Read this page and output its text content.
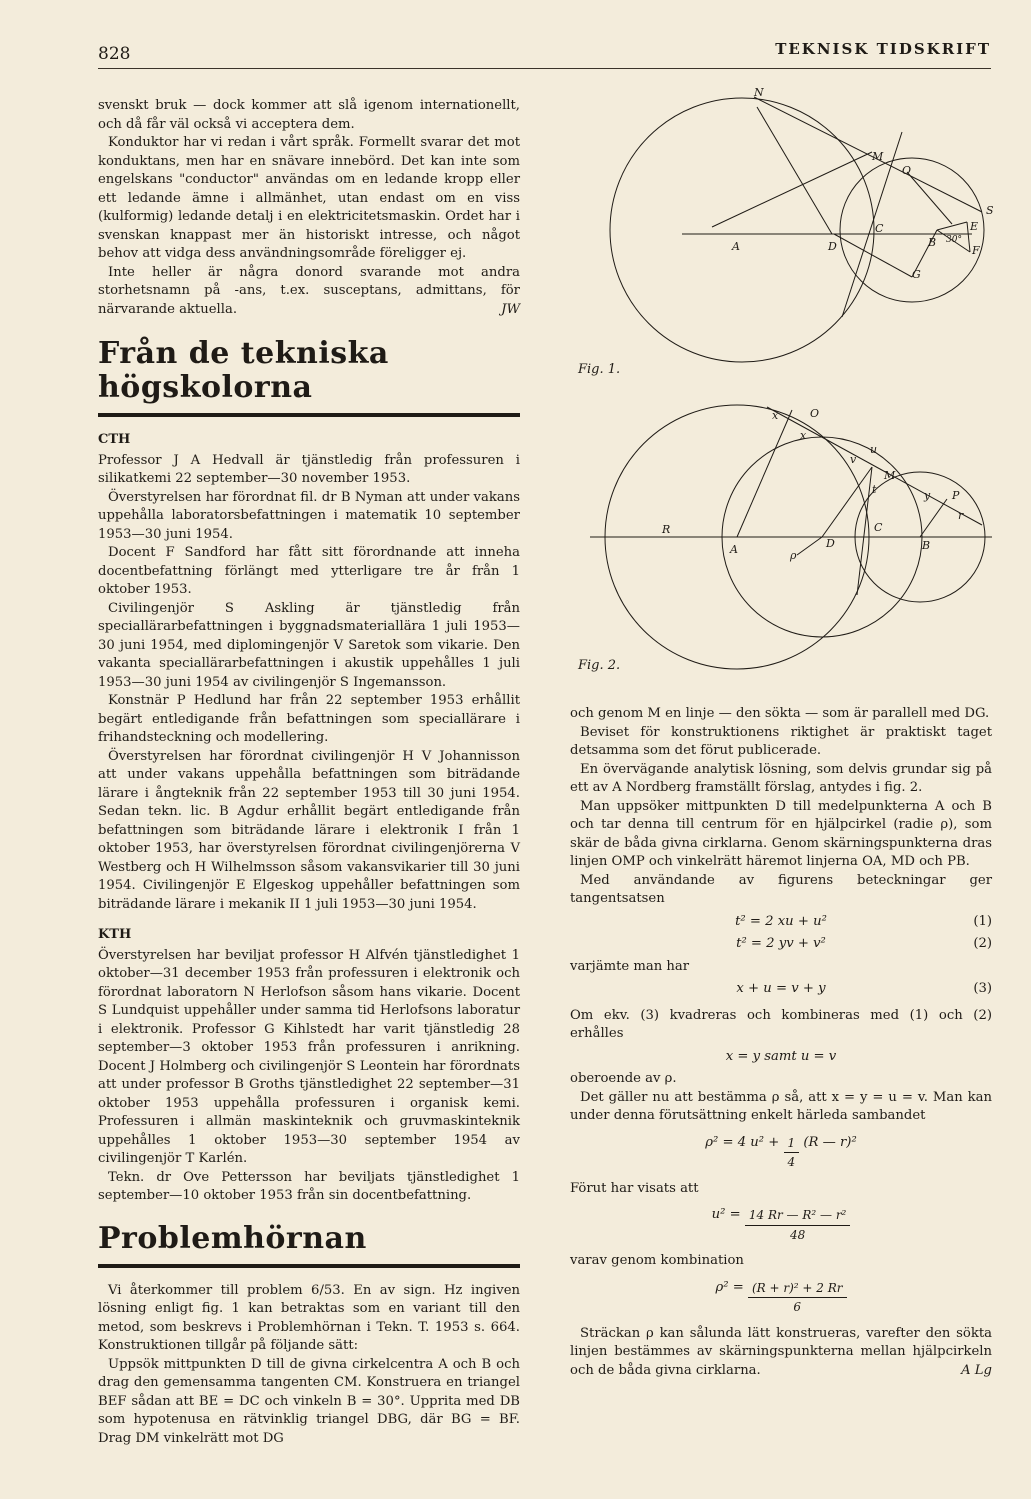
828	TEKNISK TIDSKRIFT

svenskt bruk — dock kommer att slå igenom internationellt, och då får väl också vi acceptera dem.

Konduktor har vi redan i vårt språk. Formellt svarar det mot konduktans, men har en snävare innebörd. Det kan inte som engelskans "conductor" användas om en ledande kropp eller ett ledande ämne i allmänhet, utan endast om en viss (kulformig) ledande detalj i en elektricitetsmaskin. Ordet har i svenskan knappast mer än historiskt intresse, och något behov att vidga dess användningsområde föreligger ej.

Inte heller är några donord svarande mot andra storhetsnamn på -ans, t.ex. susceptans, admittans, för närvarande aktuella.	JW

Från de tekniska högskolorna
CTH

Professor J A Hedvall är tjänstledig från professuren i silikatkemi 22 september—30 november 1953.

Överstyrelsen har förordnat fil. dr B Nyman att under vakans uppehålla laboratorsbefattningen i matematik 10 september 1953—30 juni 1954.

Docent F Sandford har fått sitt förordnande att inneha docentbefattning förlängt med ytterligare tre år från 1 oktober 1953.

Civilingenjör S Askling är tjänstledig från speciallärarbefattningen i byggnadsmateriallära 1 juli 1953—30 juni 1954, med diplomingenjör V Saretok som vikarie. Den vakanta speciallärarbefattningen i akustik uppehålles 1 juli 1953—30 juni 1954 av civilingenjör S Ingemansson.

Konstnär P Hedlund har från 22 september 1953 erhållit begärt entledigande från befattningen som speciallärare i frihandsteckning och modellering.

Överstyrelsen har förordnat civilingenjör H V Johannisson att under vakans uppehålla befattningen som biträdande lärare i ångteknik från 22 september 1953 till 30 juni 1954. Sedan tekn. lic. B Agdur erhållit begärt entledigande från befattningen som biträdande lärare i elektronik I från 1 oktober 1953, har överstyrelsen förordnat civilingenjörerna V Westberg och H Wilhelmsson såsom vakansvikarier till 30 juni 1954. Civilingenjör E Elgeskog uppehåller befattningen som biträdande lärare i mekanik II 1 juli 1953—30 juni 1954.

KTH

Överstyrelsen har beviljat professor H Alfvén tjänstledighet 1 oktober—31 december 1953 från professuren i elektronik och förordnat laboratorn N Herlofson såsom hans vikarie. Docent S Lundquist uppehåller under samma tid Herlofsons laboratur i elektronik. Professor G Kihlstedt har varit tjänstledig 28 september—3 oktober 1953 från professuren i anrikning. Docent J Holmberg och civilingenjör S Leontein har förordnats att under professor B Groths tjänstledighet 22 september—31 oktober 1953 uppehålla professuren i organisk kemi. Professuren i allmän maskinteknik och gruvmaskinteknik uppehålles 1 oktober 1953—30 september 1954 av civilingenjör T Karlén.

Tekn. dr Ove Pettersson har beviljats tjänstledighet 1 september—10 oktober 1953 från sin docentbefattning.

Problemhörnan

Vi återkommer till problem 6/53. En av sign. Hz ingiven lösning enligt fig. 1 kan betraktas som en variant till den metod, som beskrevs i Problemhörnan i Tekn. T. 1953 s. 664. Konstruktionen tillgår på följande sätt:

Uppsök mittpunkten D till de givna cirkelcentra A och B och drag den gemensamma tangenten CM. Konstruera en triangel BEF sådan att BE = DC och vinkeln B = 30°. Upprita med DB som hypotenusa en rätvinklig triangel DBG, där BG = BF. Drag DM vinkelrätt mot DG

N
M
O
C	E
S
A	D	B 30°
F
G
Fig. 1.
x	O
x
M
v
u
t	y P
r
R	C
A	ρ
D	B
Fig. 2.

och genom M en linje — den sökta — som är parallell med DG.

Beviset för konstruktionens riktighet är praktiskt taget detsamma som det förut publicerade.

En övervägande analytisk lösning, som delvis grundar sig på ett av A Nordberg framställt förslag, antydes i fig. 2.

Man uppsöker mittpunkten D till medelpunkterna A och B och tar denna till centrum för en hjälpcirkel (radie ρ), som skär de båda givna cirklarna. Genom skärningspunkterna dras linjen OMP och vinkelrätt häremot linjerna OA, MD och PB.

Med användande av figurens beteckningar ger tangentsatsen

t² = 2 xu + u²	(1)
t² = 2 yv + v²	(2)

varjämte man har

x + u = v + y	(3)

Om ekv. (3) kvadreras och kombineras med (1) och (2) erhålles

x = y samt u = v

oberoende av ρ.

Det gäller nu att bestämma ρ så, att x = y = u = v. Man kan under denna förutsättning enkelt härleda sambandet

ρ² = 4 u² +
$\frac{1}{4}$
(R — r)²

Förut har visats att

u² =
$\frac{\text{14 Rr — R² — r²}}{48}$

varav genom kombination

ρ² =
$\frac{\text{(R + r)² + 2 Rr}}{6}$

Sträckan ρ kan sålunda lätt konstrueras, varefter den sökta linjen bestämmes av skärningspunkterna mellan hjälpcirkeln och de båda givna cirklarna.	A Lg
